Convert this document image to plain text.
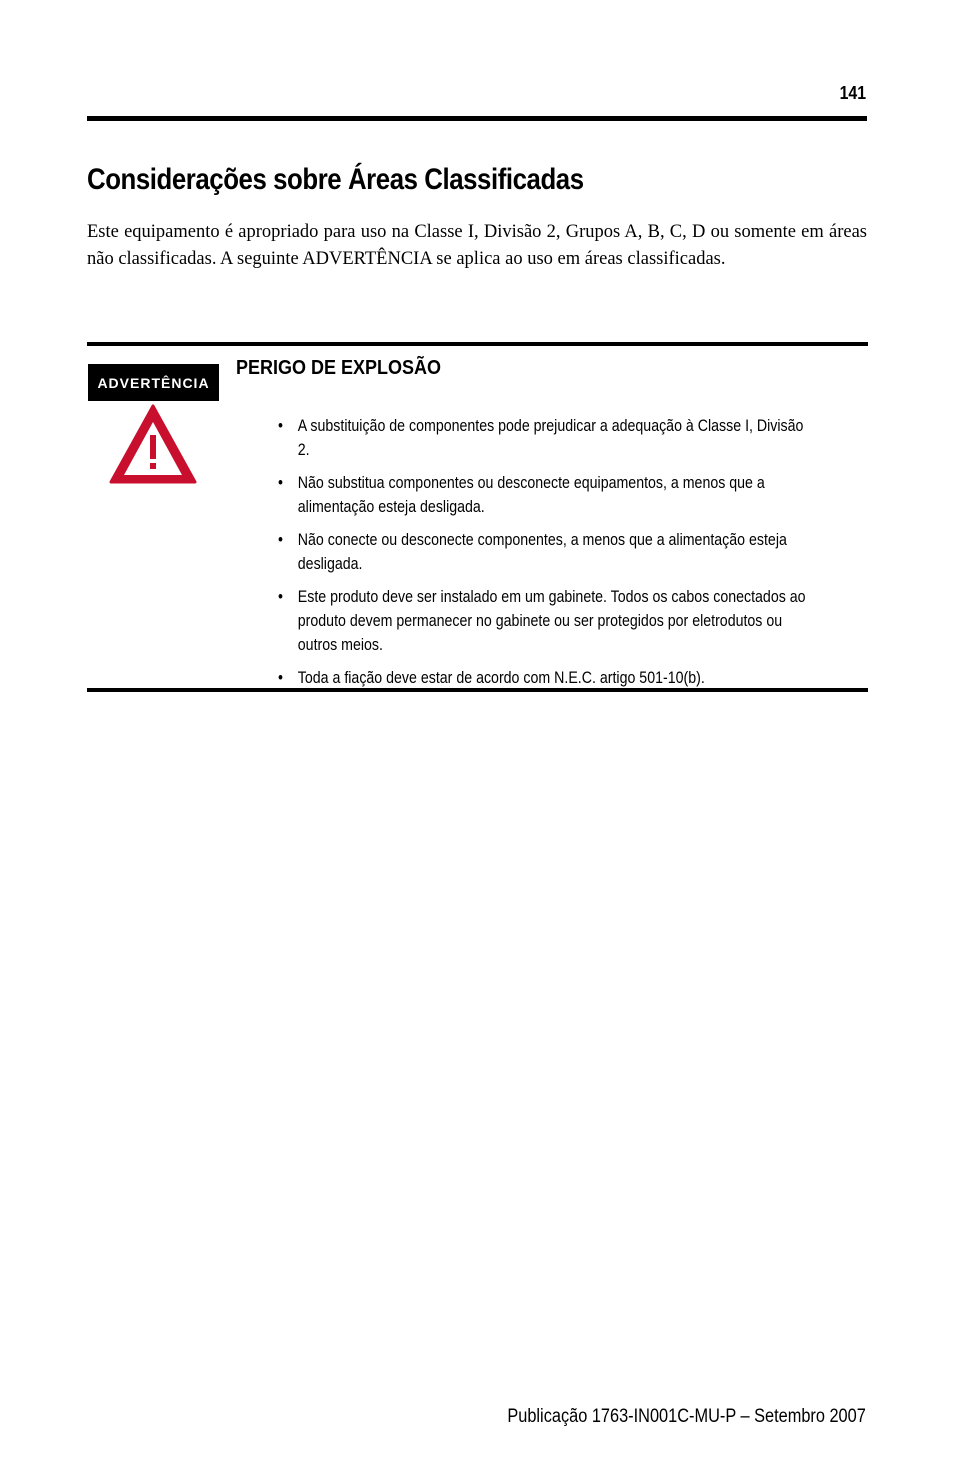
141
Considerações sobre Áreas Classificadas

Este equipamento é apropriado para uso na Classe I, Divisão 2, Grupos A, B, C, D ou somente em áreas não classificadas. A seguinte ADVERTÊNCIA se aplica ao uso em áreas classificadas.

ADVERTÊNCIA
PERIGO DE EXPLOSÃO
• A substituição de componentes pode prejudicar a adequação à Classe I, Divisão 2.
• Não substitua componentes ou desconecte equipamentos, a menos que a alimentação esteja desligada.
• Não conecte ou desconecte componentes, a menos que a alimentação esteja desligada.
• Este produto deve ser instalado em um gabinete. Todos os cabos conectados ao produto devem permanecer no gabinete ou ser protegidos por eletrodutos ou outros meios.
• Toda a fiação deve estar de acordo com N.E.C. artigo 501-10(b).
Publicação 1763-IN001C-MU-P – Setembro 2007
